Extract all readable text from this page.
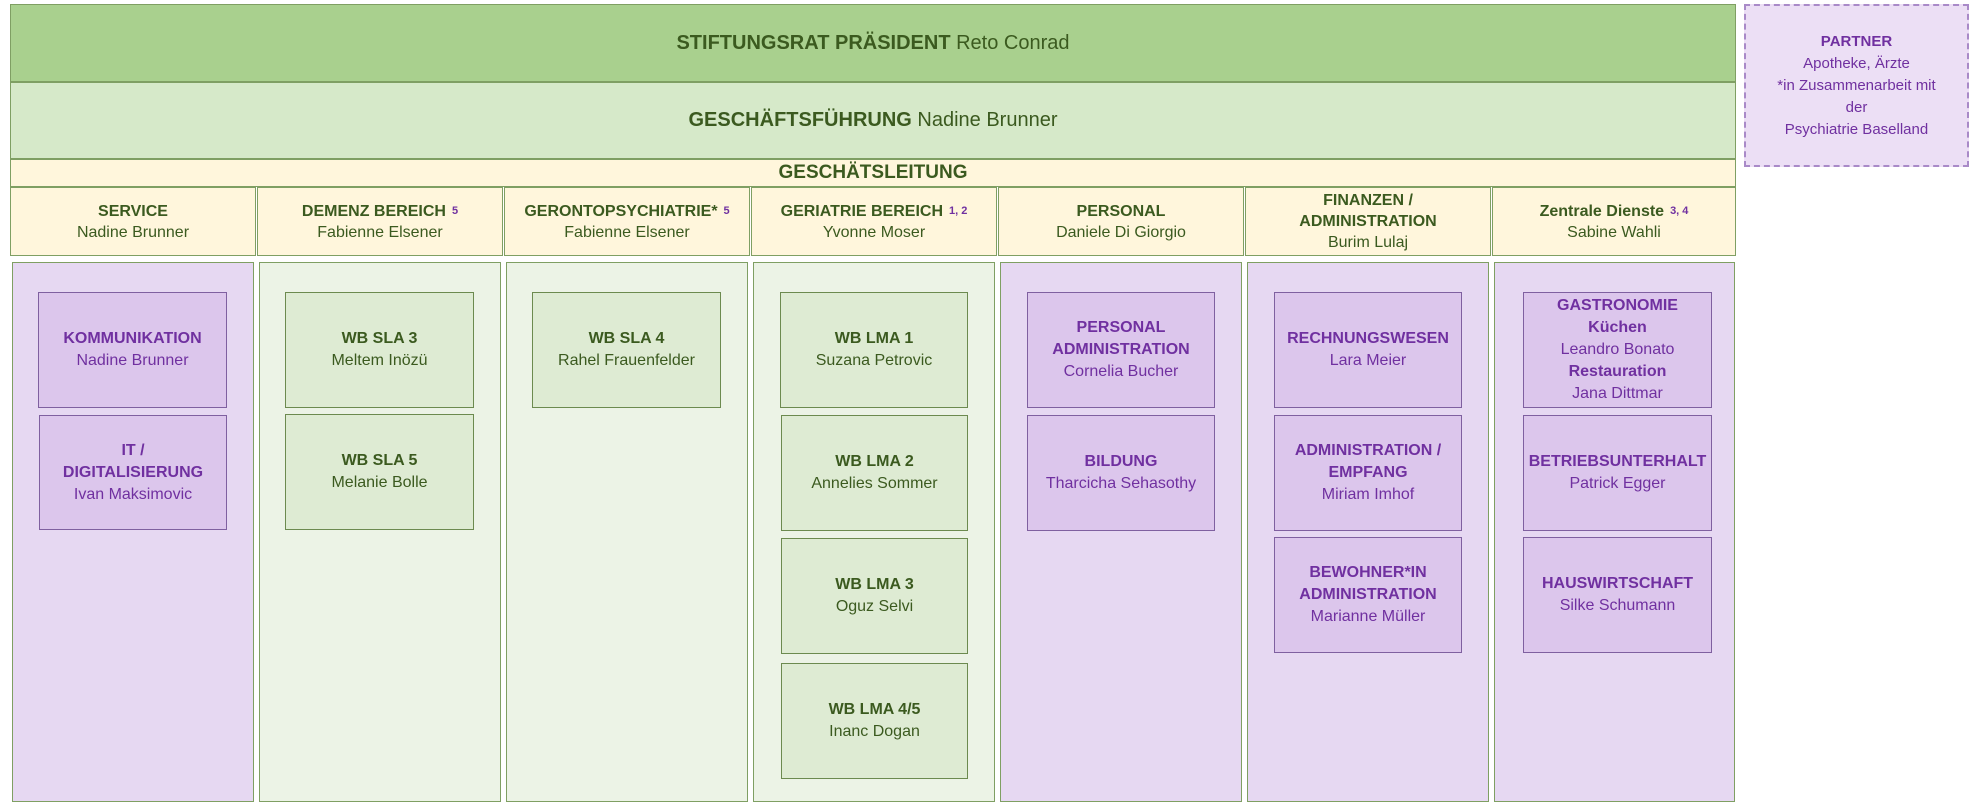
STIFTUNGSRAT PRÄSIDENT Reto Conrad
GESCHÄFTSFÜHRUNG Nadine Brunner
GESCHÄTSLEITUNG
PARTNER
Apotheke, Ärzte
*in Zusammenarbeit mit
der
Psychiatrie Baselland
SERVICE
Nadine Brunner
DEMENZ BEREICH 5
Fabienne Elsener
GERONTOPSYCHIATRIE* 5
Fabienne Elsener
GERIATRIE BEREICH 1, 2
Yvonne Moser
PERSONAL
Daniele Di Giorgio
FINANZEN / ADMINISTRATION
Burim Lulaj
Zentrale Dienste 3, 4
Sabine Wahli
KOMMUNIKATION
Nadine Brunner
IT / DIGITALISIERUNG
Ivan Maksimovic
WB SLA 3
Meltem Inözü
WB SLA 5
Melanie Bolle
WB SLA 4
Rahel Frauenfelder
WB LMA 1
Suzana Petrovic
WB LMA 2
Annelies Sommer
WB LMA 3
Oguz Selvi
WB LMA 4/5
Inanc Dogan
PERSONAL ADMINISTRATION
Cornelia Bucher
BILDUNG
Tharcicha Sehasothy
RECHNUNGSWESEN
Lara Meier
ADMINISTRATION / EMPFANG
Miriam Imhof
BEWOHNER*IN ADMINISTRATION
Marianne Müller
GASTRONOMIE
Küchen
Leandro Bonato
Restauration
Jana Dittmar
BETRIEBSUNTERHALT
Patrick Egger
HAUSWIRTSCHAFT
Silke Schumann
